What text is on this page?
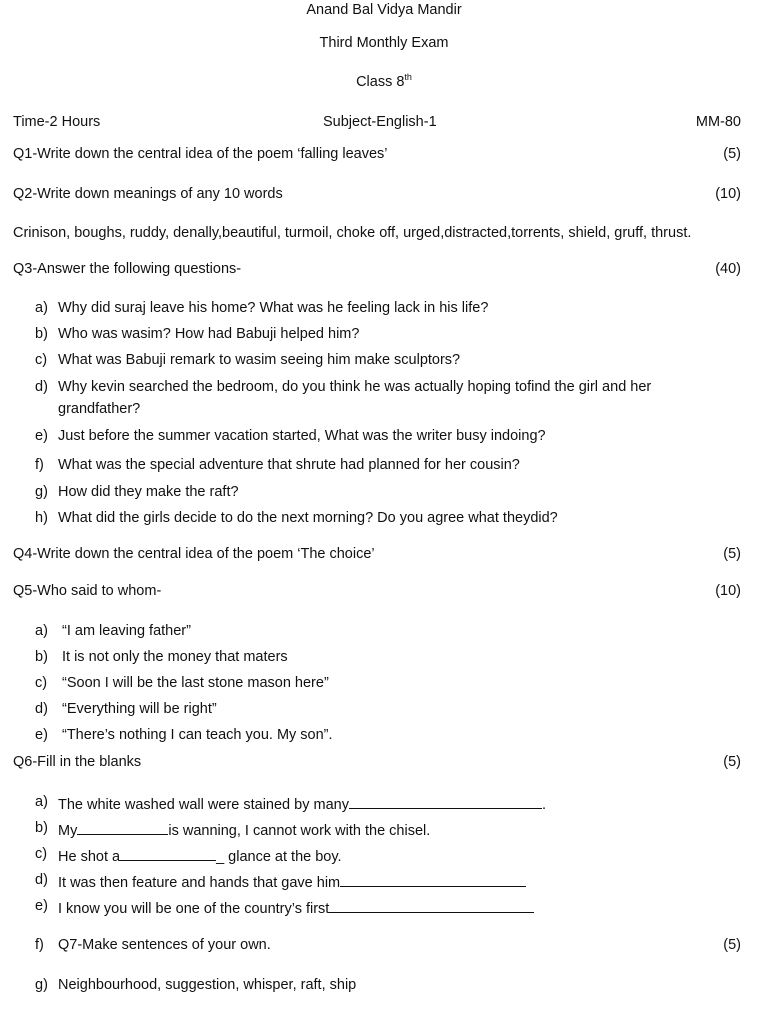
Anand Bal Vidya Mandir
Third Monthly Exam
Class 8th
Time-2 Hours	Subject-English-1	MM-80
Q1-Write down the central idea of the poem ‘falling leaves’	(5)
Q2-Write down meanings of any 10 words	(10)
Crinison, boughs, ruddy, denally,beautiful, turmoil, choke off, urged,distracted,torrents, shield, gruff, thrust.
Q3-Answer the following questions-	(40)
a) Why did suraj leave his home? What was he feeling lack in his life?
b) Who was wasim? How had Babuji helped him?
c) What was Babuji remark to wasim seeing him make sculptors?
d) Why kevin searched the bedroom, do you think he was actually hoping tofind the girl and her
grandfather?
e) Just before the summer vacation started, What was the writer busy indoing?
f) What was the special adventure that shrute had planned for her cousin?
g) How did they make the raft?
h) What did the girls decide to do the next morning? Do you agree what theydid?
Q4-Write down the central idea of the poem ‘The choice’	(5)
Q5-Who said to whom-	(10)
a) “I am leaving father”
b) It is not only the money that maters
c) “Soon I will be the last stone mason here”
d) “Everything will be right”
e) “There’s nothing I can teach you. My son”.
Q6-Fill in the blanks	(5)
a) The white washed wall were stained by many	.
b) My	is wanning, I cannot work with the chisel.
c) He shot a	_ glance at the boy.
d) It was then feature and hands that gave him
e) I know you will be one of the country’s first
f) Q7-Make sentences of your own.	(5)
g) Neighbourhood, suggestion, whisper, raft, ship
